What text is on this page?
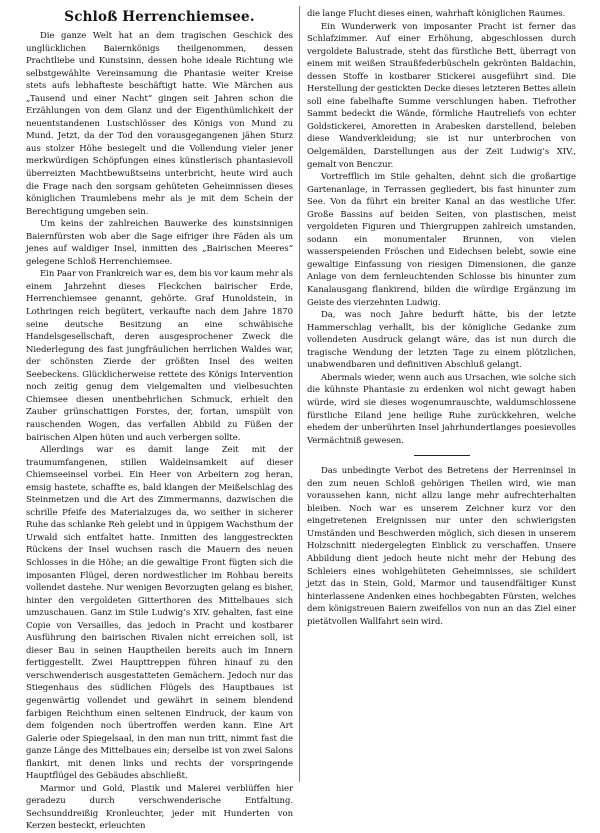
Schloß Herrenchiemsee.

Die ganze Welt hat an dem tragischen Geschick des unglücklichen Baiernkönigs theilgenommen, dessen Prachtliebe und Kunstsinn, dessen hohe ideale Richtung wie selbstgewählte Vereinsamung die Phantasie weiter Kreise stets aufs lebhafteste beschäftigt hatte. Wie Märchen aus „Tausend und einer Nacht“ gingen seit Jahren schon die Erzählungen von dem Glanz und der Eigenthümlichkeit der neuentstandenen Lustschlösser des Königs von Mund zu Mund. Jetzt, da der Tod den vorausgegangenen jähen Sturz aus stolzer Höhe besiegelt und die Vollendung vieler jener merkwürdigen Schöpfungen eines künstlerisch phantasievoll überreizten Machtbewußtseins unterbricht, heute wird auch die Frage nach den sorgsam gehüteten Geheimnissen dieses königlichen Traumlebens mehr als je mit dem Schein der Berechtigung umgeben sein.

Um keins der zahlreichen Bauwerke des kunstsinnigen Baiernfürsten wob aber die Sage eifriger ihre Fäden als um jenes auf waldiger Insel, inmitten des „Bairischen Meeres“ gelegene Schloß Herrenchiemsee.

Ein Paar von Frankreich war es, dem bis vor kaum mehr als einem Jahrzehnt dieses Fleckchen bairischer Erde, Herrenchiemsee genannt, gehörte. Graf Hunoldstein, in Lothringen reich begütert, verkaufte nach dem Jahre 1870 seine deutsche Besitzung an eine schwäbische Handelsgesellschaft, deren ausgesprochener Zweck die Niederlegung des fast jungfräulichen herrlichen Waldes war, der schönsten Zierde der größten Insel des weiten Seebeckens. Glücklicherweise rettete des Königs Intervention noch zeitig genug dem vielgemalten und vielbesuchten Chiemsee diesen unentbehrlichen Schmuck, erhielt den Zauber grünschattigen Forstes, der, fortan, umspült von rauschenden Wogen, das verfallen Abbild zu Füßen der bairischen Alpen hüten und auch verbergen sollte.

Allerdings war es damit lange Zeit mit der traumumfangenen, stillen Waldeinsamkeit auf dieser Chiemseeinsel vorbei. Ein Heer von Arbeitern zog heran, emsig hastete, schaffte es, bald klangen der Meißelschlag des Steinmetzen und die Art des Zimmermanns, dazwischen die schrille Pfeife des Materialzuges da, wo seither in sicherer Ruhe das schlanke Reh gelebt und in üppigem Wachsthum der Urwald sich entfaltet hatte. Inmitten des langgestreckten Rückens der Insel wuchsen rasch die Mauern des neuen Schlosses in die Höhe; an die gewaltige Front fügten sich die imposanten Flügel, deren nordwestlicher im Rohbau bereits vollendet dastehe. Nur wenigen Bevorzugten gelang es bisher, hinter den vergoldeten Gitterthoren des Mittelbaues sich umzuschauen. Ganz im Stile Ludwig’s XIV. gehalten, fast eine Copie von Versailles, das jedoch in Pracht und kostbarer Ausführung den bairischen Rivalen nicht erreichen soll, ist dieser Bau in seinen Hauptheilen bereits auch im Innern fertiggestellt. Zwei Haupttreppen führen hinauf zu den verschwenderisch ausgestatteten Gemächern. Jedoch nur das Stiegenhaus des südlichen Flügels des Hauptbaues ist gegenwärtig vollendet und gewährt in seinem blendend farbigen Reichthum einen seltenen Eindruck, der kaum von dem folgenden noch übertroffen werden kann. Eine Art Galerie oder Spiegelsaal, in den man nun tritt, nimmt fast die ganze Länge des Mittelbaues ein; derselbe ist von zwei Salons flankirt, mit denen links und rechts der vorspringende Hauptflügel des Gebäudes abschließt.

Marmor und Gold, Plastik und Malerei verblüffen hier geradezu durch verschwenderische Entfaltung. Sechsunddreißig Kronleuchter, jeder mit Hunderten von Kerzen besteckt, erleuchten

die lange Flucht dieses einen, wahrhaft königlichen Raumes.

Ein Wunderwerk von imposanter Pracht ist ferner das Schlafzimmer. Auf einer Erhöhung, abgeschlossen durch vergoldete Balustrade, steht das fürstliche Bett, überragt von einem mit weißen Straußfederbüscheln gekrönten Baldachin, dessen Stoffe in kostbarer Stickerei ausgeführt sind. Die Herstellung der gestickten Decke dieses letzteren Bettes allein soll eine fabelhafte Summe verschlungen haben. Tiefrother Sammt bedeckt die Wände, förmliche Hautreliefs von echter Goldstickerei, Amoretten in Arabesken darstellend, beleben diese Wandverkleidung; sie ist nur unterbrochen von Oelgemälden, Darstellungen aus der Zeit Ludwig’s XIV., gemalt von Benczur.

Vortrefflich im Stile gehalten, dehnt sich die großartige Gartenanlage, in Terrassen gegliedert, bis fast hinunter zum See. Von da führt ein breiter Kanal an das westliche Ufer. Große Bassins auf beiden Seiten, von plastischen, meist vergoldeten Figuren und Thiergruppen zahlreich umstanden, sodann ein monumentaler Brunnen, von vielen wasserspeienden Fröschen und Eidechsen belebt, sowie eine gewaltige Einfassung von riesigen Dimensionen, die ganze Anlage von dem fernleuchtenden Schlosse bis hinunter zum Kanalausgang flankirend, bilden die würdige Ergänzung im Geiste des vierzehnten Ludwig.

Da, was noch Jahre bedurft hätte, bis der letzte Hammerschlag verhallt, bis der königliche Gedanke zum vollendeten Ausdruck gelangt wäre, das ist nun durch die tragische Wendung der letzten Tage zu einem plötzlichen, unabwendbaren und definitiven Abschluß gelangt.

Abermals wieder, wenn auch aus Ursachen, wie solche sich die kühnste Phantasie zu erdenken wol nicht gewagt haben würde, wird sie dieses wogenumrauschte, waldumschlossene fürstliche Eiland jene heilige Ruhe zurückkehren, welche ehedem der unberührten Insel jahrhundertlanges poesievolles Vermächtniß gewesen.

Das unbedingte Verbot des Betretens der Herreninsel in den zum neuen Schloß gehörigen Theilen wird, wie man voraussehen kann, nicht allzu lange mehr aufrechterhalten bleiben. Noch war es unserem Zeichner kurz vor den eingetretenen Ereignissen nur unter den schwierigsten Umständen und Beschwerden möglich, sich diesen in unserem Holzschnitt niedergelegten Einblick zu verschaffen. Unsere Abbildung dient jedoch heute nicht mehr der Hebung des Schleiers eines wohlgehüteten Geheimnisses, sie schildert jetzt das in Stein, Gold, Marmor und tausendfältiger Kunst hinterlassene Andenken eines hochbegabten Fürsten, welches dem königstreuen Baiern zweifellos von nun an das Ziel einer pietätvollen Wallfahrt sein wird.
